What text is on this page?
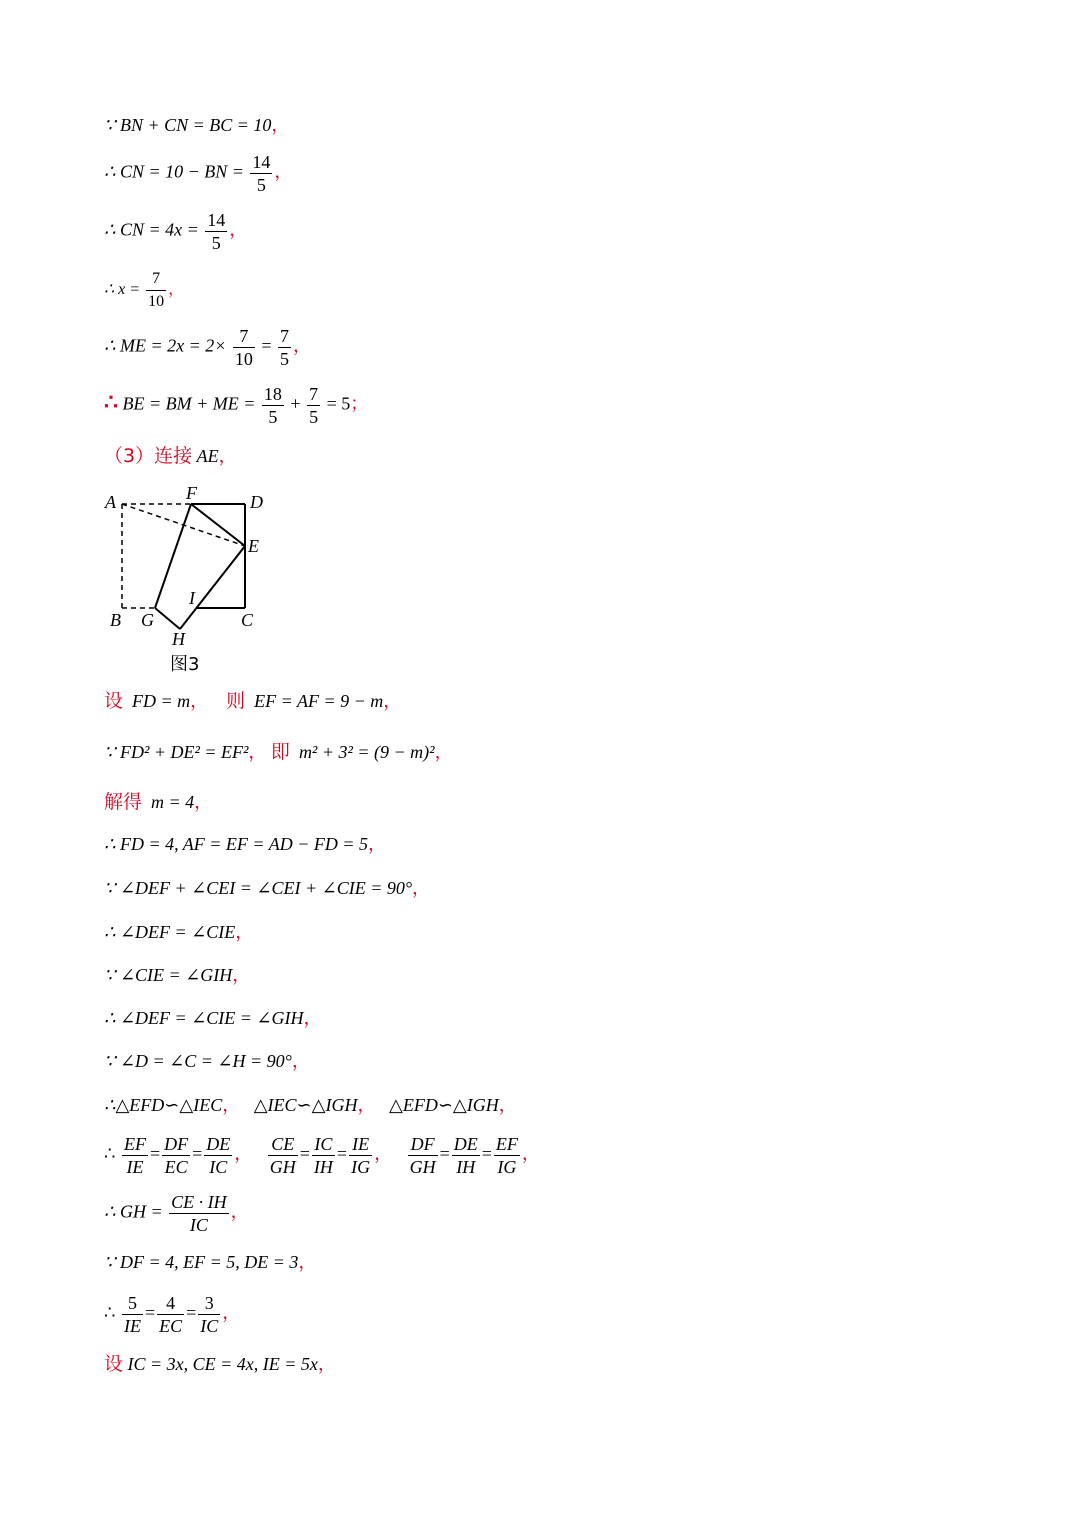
∵ BN + CN = BC = 10，
∴ CN = 10 − BN = $\frac{14}{5}$ ，
∴ CN = $4x = \frac{14}{5}$ ，
∴ $x = \frac{7}{10}$ ，
∴ ME = $2x = 2\times \frac{7}{10} = \frac{7}{5}$ ，
∴ BE = BM + ME = $\frac{18}{5} + \frac{7}{5} = 5$；
（3）连接 AE，
A	F	D
E
I
B G	C
H
图3
设 FD = m， 则 EF = AF = 9 − m，
∵ FD² + DE² = EF²， 即 m² + 3² = (9 − m)²，
解得 m = 4，
∴ FD = 4, AF = EF = AD − FD = 5，
∵ ∠DEF + ∠CEI = ∠CEI + ∠CIE = 90°，
∴ ∠DEF = ∠CIE，
∵ ∠CIE = ∠GIH，
∴ ∠DEF = ∠CIE = ∠GIH，
∵ ∠D = ∠C = ∠H = 90°，
∴△EFD∽△IEC， △IEC∽△IGH， △EFD∽△IGH，
∴ $\frac{EF}{IE} = \frac{DF}{EC} = \frac{DE}{IC}$ ， $\frac{CE}{GH} = \frac{IC}{IH} = \frac{IE}{IG}$ ， $\frac{DF}{GH} = \frac{DE}{IH} = \frac{EF}{IG}$ ，
∴ GH = $\frac{CE \cdot IH}{IC}$ ，
∵ DF = 4, EF = 5, DE = 3，
∴ $\frac{5}{IE} = \frac{4}{EC} = \frac{3}{IC}$ ，
设 IC = 3x, CE = 4x, IE = 5x，
